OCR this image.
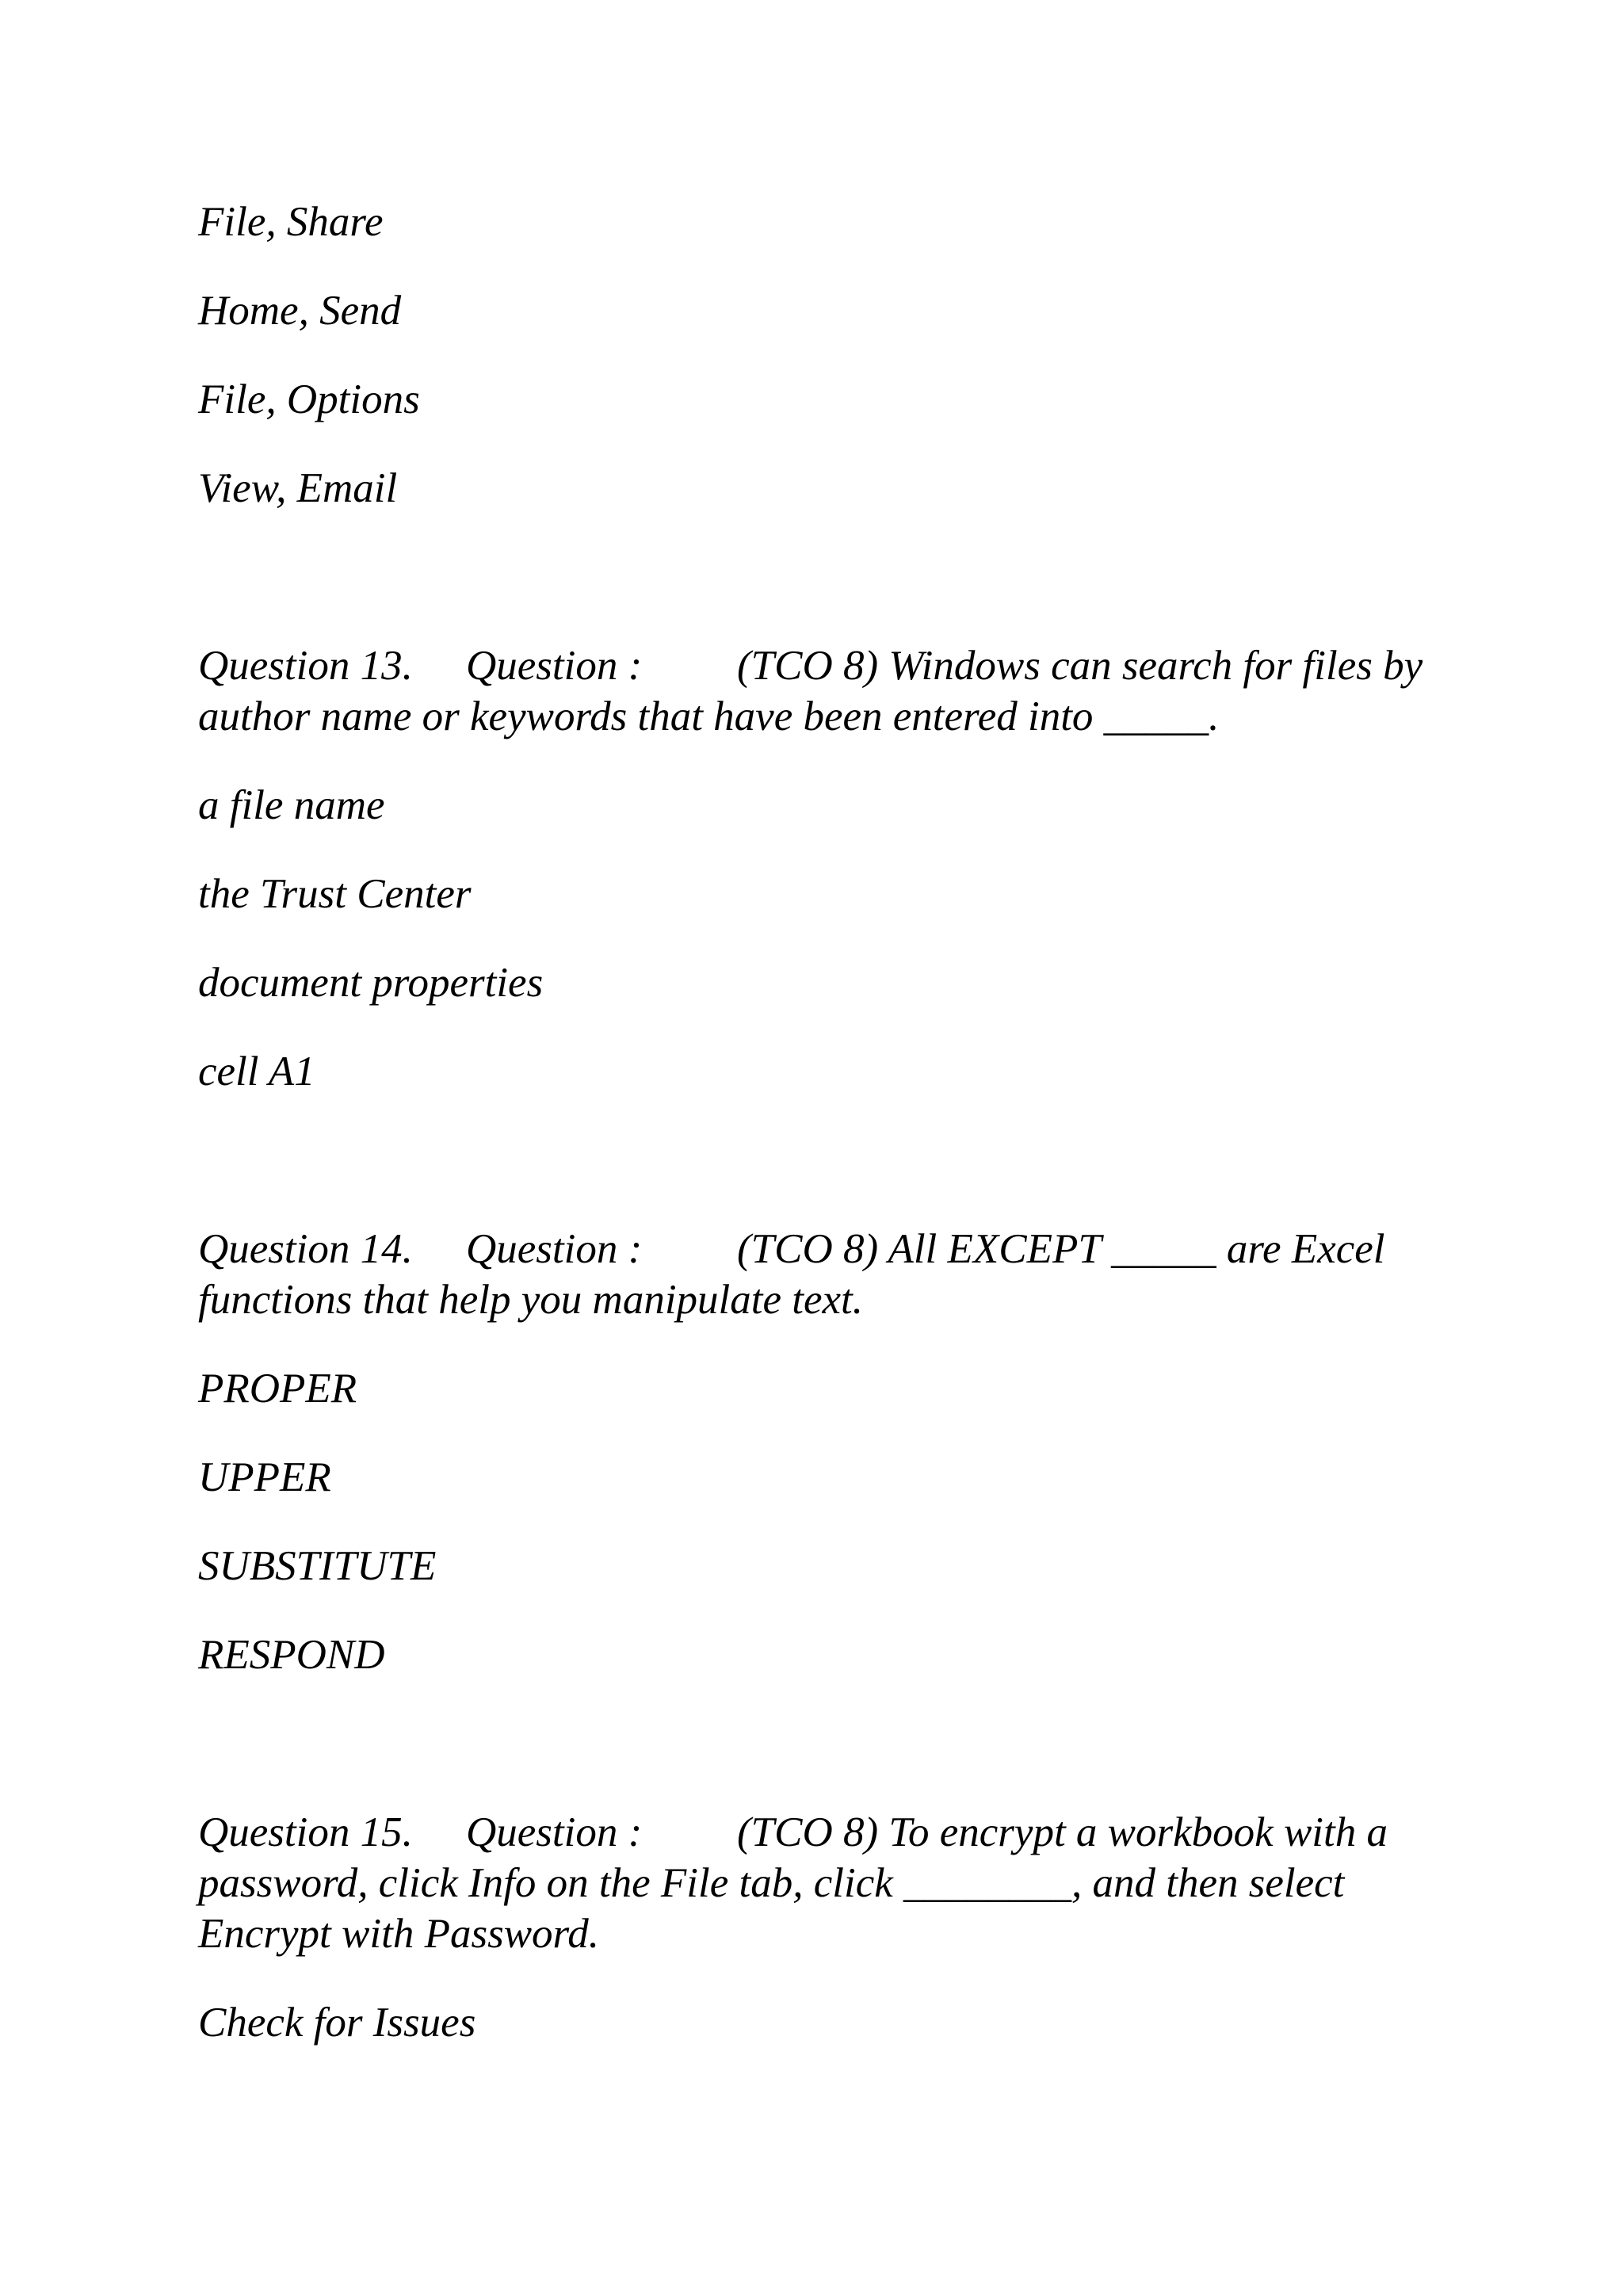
File, Share

Home, Send

File, Options

View, Email

Question 13. Question : (TCO 8) Windows can search for files by author name or keywords that have been entered into _____.

a file name

the Trust Center

document properties

cell A1

Question 14. Question : (TCO 8) All EXCEPT _____ are Excel functions that help you manipulate text.

PROPER

UPPER

SUBSTITUTE

RESPOND

Question 15. Question : (TCO 8) To encrypt a workbook with a password, click Info on the File tab, click ________, and then select Encrypt with Password.

Check for Issues
